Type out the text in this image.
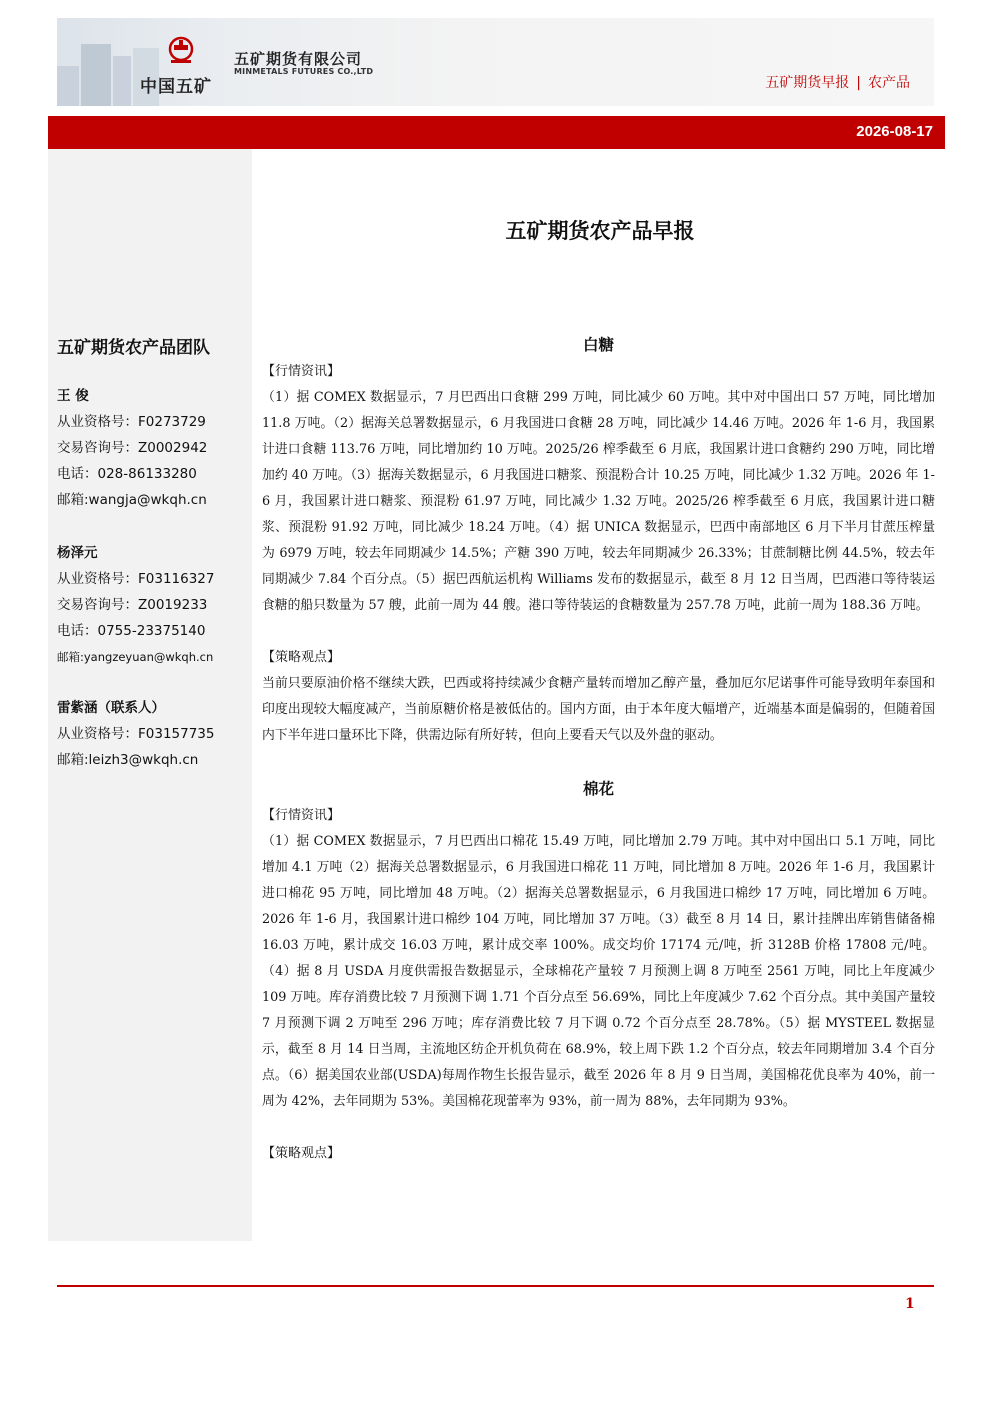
中国五矿
五矿期货有限公司
MINMETALS FUTURES CO.,LTD
五矿期货早报 | 农产品
2026-08-17
五矿期货农产品早报
五矿期货农产品团队
王 俊
从业资格号：F0273729
交易咨询号：Z0002942
电话：028-86133280
邮箱:wangja@wkqh.cn
杨泽元
从业资格号：F03116327
交易咨询号：Z0019233
电话：0755-23375140
邮箱:yangzeyuan@wkqh.cn
雷紫涵（联系人）
从业资格号：F03157735
邮箱:leizh3@wkqh.cn
白糖
【行情资讯】
（1）据 COMEX 数据显示，7 月巴西出口食糖 299 万吨，同比减少 60 万吨。其中对中国出口 57 万吨，同比增加 11.8 万吨。（2）据海关总署数据显示，6 月我国进口食糖 28 万吨，同比减少 14.46 万吨。2026 年 1-6 月，我国累计进口食糖 113.76 万吨，同比增加约 10 万吨。2025/26 榨季截至 6 月底，我国累计进口食糖约 290 万吨，同比增加约 40 万吨。（3）据海关数据显示，6 月我国进口糖浆、预混粉合计 10.25 万吨，同比减少 1.32 万吨。2026 年 1-6 月，我国累计进口糖浆、预混粉 61.97 万吨，同比减少 1.32 万吨。2025/26 榨季截至 6 月底，我国累计进口糖浆、预混粉 91.92 万吨，同比减少 18.24 万吨。（4）据 UNICA 数据显示，巴西中南部地区 6 月下半月甘蔗压榨量为 6979 万吨，较去年同期减少 14.5%；产糖 390 万吨，较去年同期减少 26.33%；甘蔗制糖比例 44.5%，较去年同期减少 7.84 个百分点。（5）据巴西航运机构 Williams 发布的数据显示，截至 8 月 12 日当周，巴西港口等待装运食糖的船只数量为 57 艘，此前一周为 44 艘。港口等待装运的食糖数量为 257.78 万吨，此前一周为 188.36 万吨。
【策略观点】
当前只要原油价格不继续大跌，巴西或将持续减少食糖产量转而增加乙醇产量，叠加厄尔尼诺事件可能导致明年泰国和印度出现较大幅度减产，当前原糖价格是被低估的。国内方面，由于本年度大幅增产，近端基本面是偏弱的，但随着国内下半年进口量环比下降，供需边际有所好转，但向上要看天气以及外盘的驱动。
棉花
【行情资讯】
（1）据 COMEX 数据显示，7 月巴西出口棉花 15.49 万吨，同比增加 2.79 万吨。其中对中国出口 5.1 万吨，同比增加 4.1 万吨（2）据海关总署数据显示，6 月我国进口棉花 11 万吨，同比增加 8 万吨。2026 年 1-6 月，我国累计进口棉花 95 万吨，同比增加 48 万吨。（2）据海关总署数据显示，6 月我国进口棉纱 17 万吨，同比增加 6 万吨。2026 年 1-6 月，我国累计进口棉纱 104 万吨，同比增加 37 万吨。（3）截至 8 月 14 日，累计挂牌出库销售储备棉 16.03 万吨，累计成交 16.03 万吨，累计成交率 100%。成交均价 17174 元/吨，折 3128B 价格 17808 元/吨。（4）据 8 月 USDA 月度供需报告数据显示，全球棉花产量较 7 月预测上调 8 万吨至 2561 万吨，同比上年度减少 109 万吨。库存消费比较 7 月预测下调 1.71 个百分点至 56.69%，同比上年度减少 7.62 个百分点。其中美国产量较 7 月预测下调 2 万吨至 296 万吨；库存消费比较 7 月下调 0.72 个百分点至 28.78%。（5）据 MYSTEEL 数据显示，截至 8 月 14 日当周，主流地区纺企开机负荷在 68.9%，较上周下跌 1.2 个百分点，较去年同期增加 3.4 个百分点。（6）据美国农业部(USDA)每周作物生长报告显示，截至 2026 年 8 月 9 日当周，美国棉花优良率为 40%，前一周为 42%，去年同期为 53%。美国棉花现蕾率为 93%，前一周为 88%，去年同期为 93%。
【策略观点】
1
